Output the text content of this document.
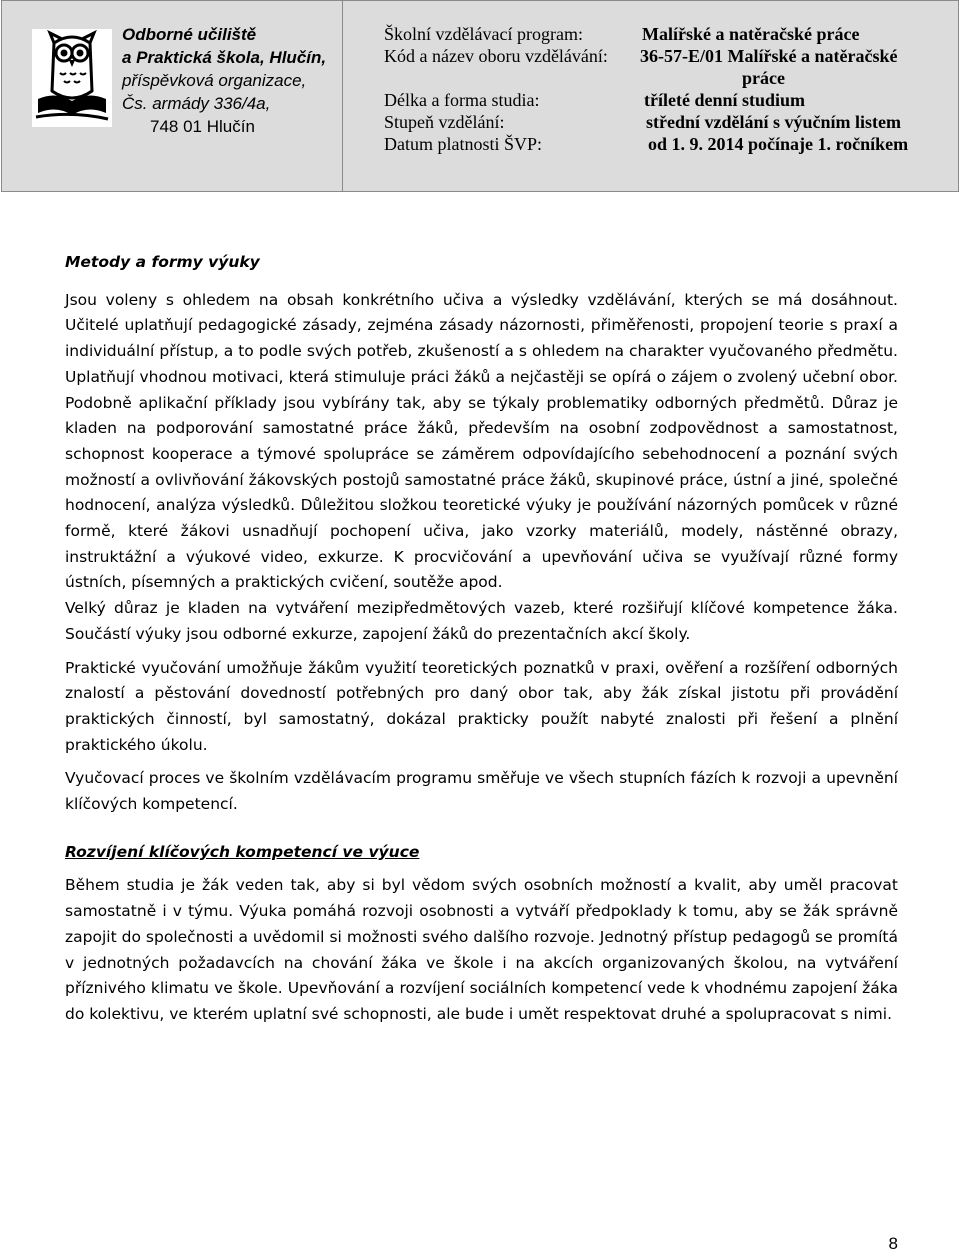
Odborné učiliště
a Praktická škola, Hlučín,
příspěvková organizace,
Čs. armády 336/4a,
748 01 Hlučín
Školní vzdělávací program:	Malířské a natěračské práce
Kód a název oboru vzdělávání: 36-57-E/01 Malířské a natěračské
práce
Délka a forma studia:	tříleté denní studium
Stupeň vzdělání:	střední vzdělání s výučním listem
Datum platnosti ŠVP:	od 1. 9. 2014 počínaje 1. ročníkem

Metody a formy výuky

Jsou voleny s ohledem na obsah konkrétního učiva a výsledky vzdělávání, kterých se má dosáhnout. Učitelé uplatňují pedagogické zásady, zejména zásady názornosti, přiměřenosti, propojení teorie s praxí a individuální přístup, a to podle svých potřeb, zkušeností a s ohledem na charakter vyučovaného předmětu. Uplatňují vhodnou motivaci, která stimuluje práci žáků a nejčastěji se opírá o zájem o zvolený učební obor. Podobně aplikační příklady jsou vybírány tak, aby se týkaly problematiky odborných předmětů. Důraz je kladen na podporování samostatné práce žáků, především na osobní zodpovědnost a samostatnost, schopnost kooperace a týmové spolupráce se záměrem odpovídajícího sebehodnocení a poznání svých možností a ovlivňování žákovských postojů samostatné práce žáků, skupinové práce, ústní a jiné, společné hodnocení, analýza výsledků. Důležitou složkou teoretické výuky je používání názorných pomůcek v různé formě, které žákovi usnadňují pochopení učiva, jako vzorky materiálů, modely, nástěnné obrazy, instruktážní a výukové video, exkurze. K procvičování a upevňování učiva se využívají různé formy ústních, písemných a praktických cvičení, soutěže apod.

Velký důraz je kladen na vytváření mezipředmětových vazeb, které rozšiřují klíčové kompetence žáka. Součástí výuky jsou odborné exkurze, zapojení žáků do prezentačních akcí školy.

Praktické vyučování umožňuje žákům využití teoretických poznatků v praxi, ověření a rozšíření odborných znalostí a pěstování dovedností potřebných pro daný obor tak, aby žák získal jistotu při provádění praktických činností, byl samostatný, dokázal prakticky použít nabyté znalosti při řešení a plnění praktického úkolu.

Vyučovací proces ve školním vzdělávacím programu směřuje ve všech stupních fázích k rozvoji a upevnění klíčových kompetencí.

Rozvíjení klíčových kompetencí ve výuce

Během studia je žák veden tak, aby si byl vědom svých osobních možností a kvalit, aby uměl pracovat samostatně i v týmu. Výuka pomáhá rozvoji osobnosti a vytváří předpoklady k tomu, aby se žák správně zapojit do společnosti a uvědomil si možnosti svého dalšího rozvoje. Jednotný přístup pedagogů se promítá v jednotných požadavcích na chování žáka ve škole i na akcích organizovaných školou, na vytváření příznivého klimatu ve škole. Upevňování a rozvíjení sociálních kompetencí vede k vhodnému zapojení žáka do kolektivu, ve kterém uplatní své schopnosti, ale bude i umět respektovat druhé a spolupracovat s nimi.

8
